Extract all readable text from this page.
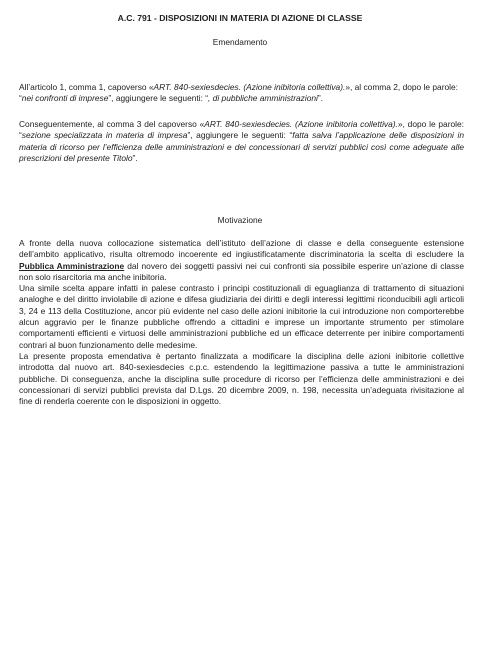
A.C. 791 - DISPOSIZIONI IN MATERIA DI AZIONE DI CLASSE
Emendamento

All’articolo 1, comma 1, capoverso «ART. 840-sexiesdecies. (Azione inibitoria collettiva).», al comma 2, dopo le parole: “nei confronti di imprese”, aggiungere le seguenti: “, di pubbliche amministrazioni”.

Conseguentemente, al comma 3 del capoverso «ART. 840-sexiesdecies. (Azione inibitoria collettiva).», dopo le parole: “sezione specializzata in materia di impresa”, aggiungere le seguenti: “fatta salva l’applicazione delle disposizioni in materia di ricorso per l’efficienza delle amministrazioni e dei concessionari di servizi pubblici così come adeguate alle prescrizioni del presente Titolo”.

Motivazione
A fronte della nuova collocazione sistematica dell’istituto dell’azione di classe e della conseguente estensione dell’ambito applicativo, risulta oltremodo incoerente ed ingiustificatamente discriminatoria la scelta di escludere la Pubblica Amministrazione dal novero dei soggetti passivi nei cui confronti sia possibile esperire un’azione di classe non solo risarcitoria ma anche inibitoria.
Una simile scelta appare infatti in palese contrasto i principi costituzionali di eguaglianza di trattamento di situazioni analoghe e del diritto inviolabile di azione e difesa giudiziaria dei diritti e degli interessi legittimi riconducibili agli articoli 3, 24 e 113 della Costituzione, ancor più evidente nel caso delle azioni inibitorie la cui introduzione non comporterebbe alcun aggravio per le finanze pubbliche offrendo a cittadini e imprese un importante strumento per stimolare comportamenti efficienti e virtuosi delle amministrazioni pubbliche ed un efficace deterrente per inibire comportamenti contrari al buon funzionamento delle medesime.
La presente proposta emendativa è pertanto finalizzata a modificare la disciplina delle azioni inibitorie collettive introdotta dal nuovo art. 840-sexiesdecies c.p.c. estendendo la legittimazione passiva a tutte le amministrazioni pubbliche. Di conseguenza, anche la disciplina sulle procedure di ricorso per l’efficienza delle amministrazioni e dei concessionari di servizi pubblici prevista dal D.Lgs. 20 dicembre 2009, n. 198, necessita un’adeguata rivisitazione al fine di renderla coerente con le disposizioni in oggetto.
